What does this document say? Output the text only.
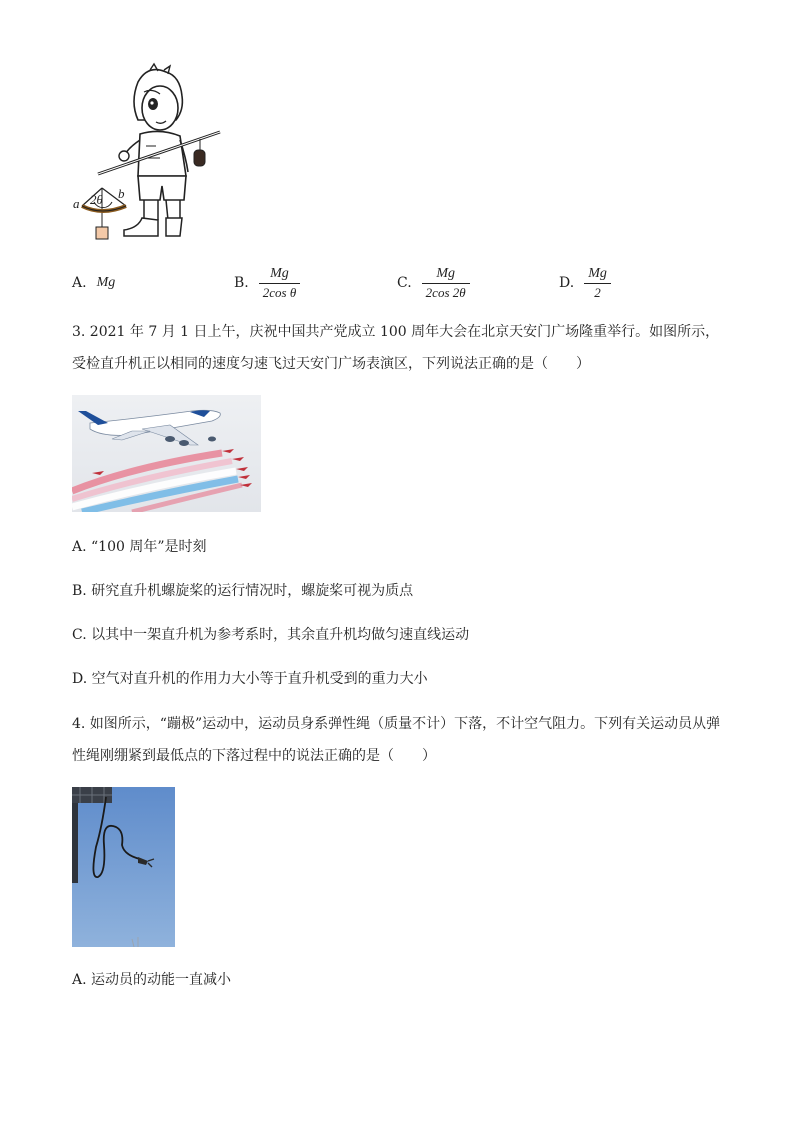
a 2θ b
A. Mg	B. $\frac{Mg}{\text{2cos θ}}$	C. $\frac{Mg}{2\cos 2\theta}$	D. $\frac{Mg}{2}$
3. 2021 年 7 月 1 日上午，庆祝中国共产党成立 100 周年大会在北京天安门广场隆重举行。如图所示，受检直升机正以相同的速度匀速飞过天安门广场表演区，下列说法正确的是（　　）
A. “100 周年”是时刻
B. 研究直升机螺旋桨的运行情况时，螺旋桨可视为质点
C. 以其中一架直升机为参考系时，其余直升机均做匀速直线运动
D. 空气对直升机的作用力大小等于直升机受到的重力大小
4. 如图所示，“蹦极”运动中，运动员身系弹性绳（质量不计）下落，不计空气阻力。下列有关运动员从弹性绳刚绷紧到最低点的下落过程中的说法正确的是（　　）
A. 运动员的动能一直减小
